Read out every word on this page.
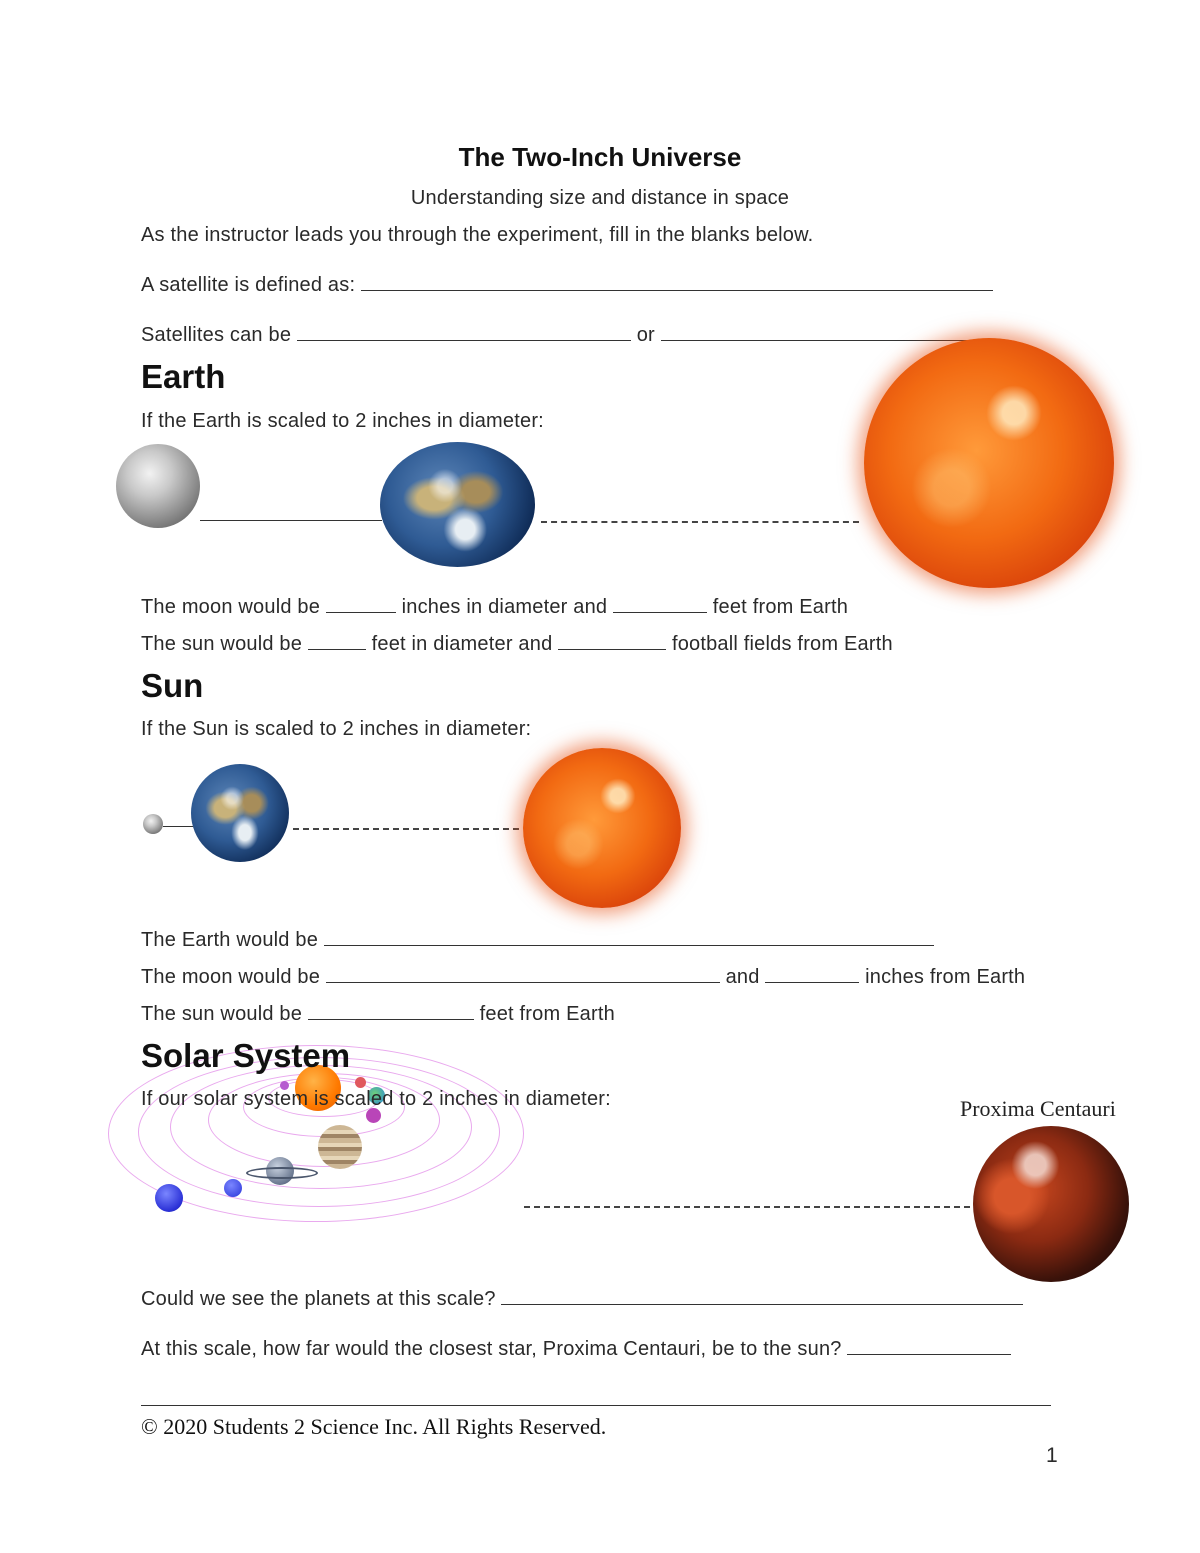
The Two-Inch Universe
Understanding size and distance in space
As the instructor leads you through the experiment, fill in the blanks below.
A satellite is defined as:
Satellites can be	or
Earth
If the Earth is scaled to 2 inches in diameter:
The moon would be	inches in diameter and	feet from Earth
The sun would be	feet in diameter and	football fields from Earth
Sun
If the Sun is scaled to 2 inches in diameter:
The Earth would be
The moon would be	and	inches from Earth
The sun would be	feet from Earth
Solar System
If our solar system is scaled to 2 inches in diameter:	Proxima Centauri
Could we see the planets at this scale?
At this scale, how far would the closest star, Proxima Centauri, be to the sun?
© 2020 Students 2 Science Inc. All Rights Reserved.
1
